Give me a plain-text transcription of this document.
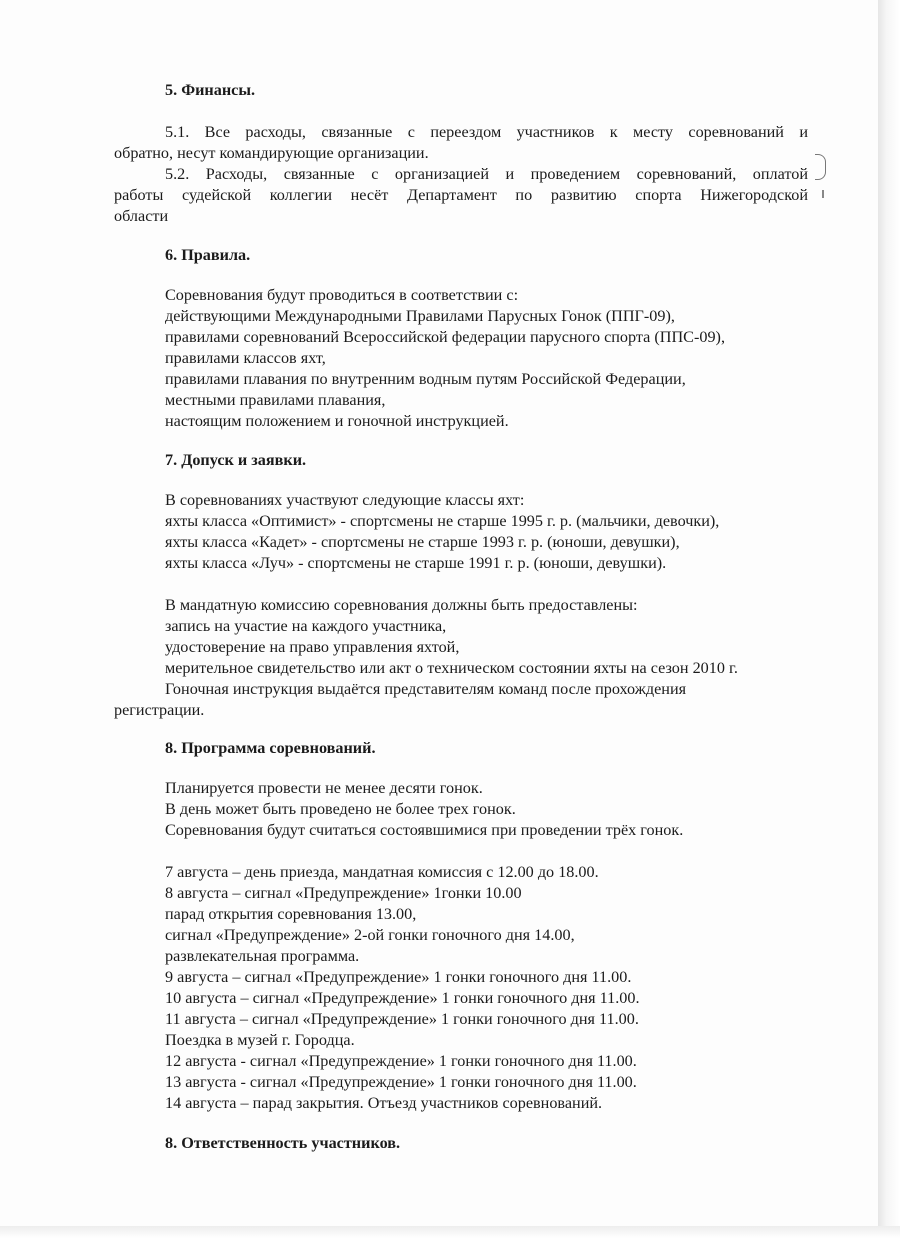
5. Финансы.
5.1. Все расходы, связанные с переездом участников к месту соревнований и
обратно, несут командирующие организации.
5.2. Расходы, связанные с организацией и проведением соревнований, оплатой
работы судейской коллегии несёт Департамент по развитию спорта Нижегородской
области
6. Правила.
Соревнования будут проводиться в соответствии с:
действующими Международными Правилами Парусных Гонок (ППГ-09),
правилами соревнований Всероссийской федерации парусного спорта (ППС-09),
правилами классов яхт,
правилами плавания по внутренним водным путям Российской Федерации,
местными правилами плавания,
настоящим положением и гоночной инструкцией.
7. Допуск и заявки.
В соревнованиях участвуют следующие классы яхт:
яхты класса «Оптимист» - спортсмены не старше 1995 г. р. (мальчики, девочки),
яхты класса «Кадет» - спортсмены не старше 1993 г. р. (юноши, девушки),
яхты класса «Луч» - спортсмены не старше 1991 г. р. (юноши, девушки).
В мандатную комиссию соревнования должны быть предоставлены:
запись на участие на каждого участника,
удостоверение на право управления яхтой,
мерительное свидетельство или акт о техническом состоянии яхты на сезон 2010 г.
Гоночная инструкция выдаётся представителям команд после прохождения
регистрации.
8. Программа соревнований.
Планируется провести не менее десяти гонок.
В день может быть проведено не более трех гонок.
Соревнования будут считаться состоявшимися при проведении трёх гонок.
7 августа – день приезда, мандатная комиссия с 12.00 до 18.00.
8 августа – сигнал «Предупреждение» 1гонки 10.00
парад открытия соревнования 13.00,
сигнал «Предупреждение» 2-ой гонки гоночного дня 14.00,
развлекательная программа.
9 августа – сигнал «Предупреждение» 1 гонки гоночного дня 11.00.
10 августа – сигнал «Предупреждение» 1 гонки гоночного дня 11.00.
11 августа – сигнал «Предупреждение» 1 гонки гоночного дня 11.00.
Поездка в музей г. Городца.
12 августа - сигнал «Предупреждение» 1 гонки гоночного дня 11.00.
13 августа - сигнал «Предупреждение» 1 гонки гоночного дня 11.00.
14 августа – парад закрытия. Отъезд участников соревнований.
8. Ответственность участников.
